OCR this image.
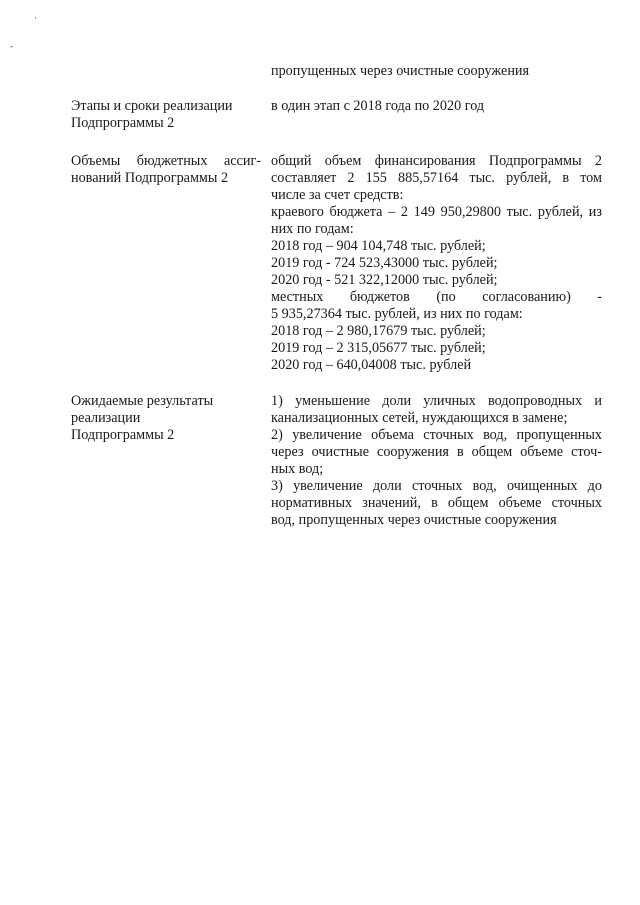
·
-
пропущенных через очистные сооружения
Этапы и сроки реализации
Подпрограммы 2
в один этап с 2018 года по 2020 год
Объемы бюджетных ассиг-
нований Подпрограммы 2
общий объем финансирования Подпрограммы 2
составляет 2 155 885,57164 тыс. рублей, в том
числе за счет средств:
краевого бюджета – 2 149 950,29800 тыс. рублей, из
них по годам:
2018 год – 904 104,748 тыс. рублей;
2019 год - 724 523,43000 тыс. рублей;
2020 год - 521 322,12000 тыс. рублей;
местных бюджетов (по согласованию) -
5 935,27364 тыс. рублей, из них по годам:
2018 год – 2 980,17679 тыс. рублей;
2019 год – 2 315,05677 тыс. рублей;
2020 год – 640,04008 тыс. рублей
Ожидаемые результаты
реализации
Подпрограммы 2
1) уменьшение доли уличных водопроводных и
канализационных сетей, нуждающихся в замене;
2) увеличение объема сточных вод, пропущенных
через очистные сооружения в общем объеме сточ-
ных вод;
3) увеличение доли сточных вод, очищенных до
нормативных значений, в общем объеме сточных
вод, пропущенных через очистные сооружения
